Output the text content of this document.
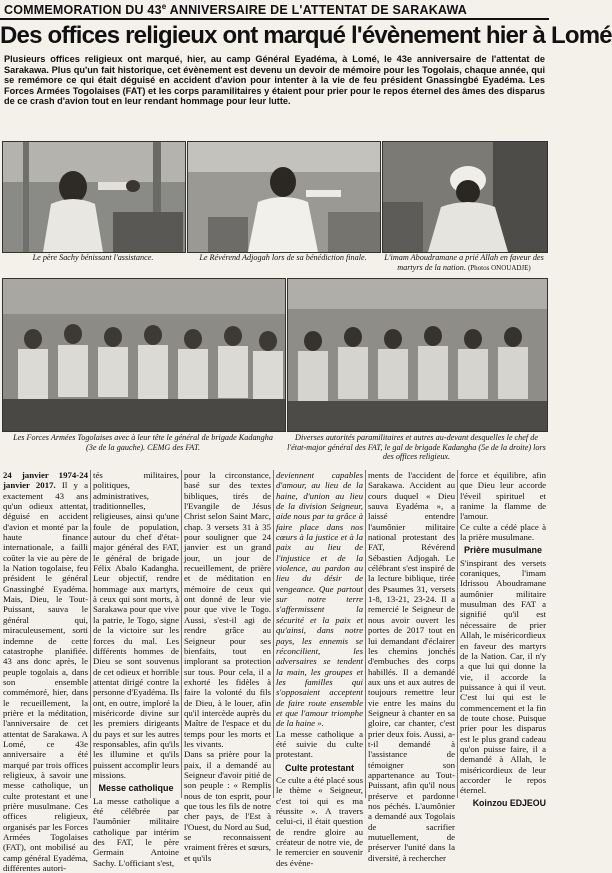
COMMEMORATION DU 43e ANNIVERSAIRE DE L'ATTENTAT DE SARAKAWA
Des offices religieux ont marqué l'évènement hier à Lomé
Plusieurs offices religieux ont marqué, hier, au camp Général Eyadéma, à Lomé, le 43e anniversaire de l'attentat de Sarakawa. Plus qu'un fait historique, cet évènement est devenu un devoir de mémoire pour les Togolais, chaque année, qui se remémore ce qui était déguisé en accident d'avion pour intenter à la vie de feu président Gnassingbé Eyadéma. Les Forces Armées Togolaises (FAT) et les corps paramilitaires y étaient pour prier pour le repos éternel des âmes des disparus de ce crash d'avion tout en leur rendant hommage pour leur lutte.
Le père Sachy bénissant l'assistance.	Le Révérend Adjogah lors de sa bénédiction finale.	L'imam Aboudramane a prié Allah en faveur des
martyrs de la nation. (Photos ONOUADJE)
Les Forces Armées Togolaises avec à leur tête le général de brigade Kadangha
(3e de la gauche). CEMG des FAT.
Diverses autorités paramilitaires et autres au-devant desquelles le chef de l'état-major général des FAT, le gal de brigade Kadangha (5e de la droite) lors des offices religieux.

24 janvier 1974-24 janvier 2017. Il y a exactement 43 ans qu'un odieux attentat, déguisé en accident d'avion et monté par la haute finance internationale, a failli coûter la vie au père de la Nation togolaise, feu président le général Gnassingbé Eyadéma. Mais, Dieu, le Tout-Puissant, sauva le général qui, miraculeusement, sorti indemne de cette catastrophe planifiée. 43 ans donc après, le peuple togolais a, dans son ensemble commémoré, hier, dans le recueillement, la prière et la méditation, l'anniversaire de cet attentat de Sarakawa. A Lomé, ce 43e anniversaire a été marqué par trois offices religieux, à savoir une messe catholique, un culte protestant et une prière musulmane. Ces offices religieux, organisés par les Forces Armées Togolaises (FAT), ont mobilisé au camp général Eyadéma, différentes autori-

tés militaires, politiques, administratives, traditionnelles, religieuses, ainsi qu'une foule de population, autour du chef d'état-major général des FAT, le général de brigade Félix Abalo Kadangha. Leur objectif, rendre hommage aux martyrs, à ceux qui sont morts, à Sarakawa pour que vive la patrie, le Togo, signe de la victoire sur les forces du mal. Les différents hommes de Dieu se sont souvenus de cet odieux et horrible attentat dirigé contre la personne d'Eyadéma. Ils ont, en outre, imploré la miséricorde divine sur les premiers dirigeants du pays et sur les autres responsables, afin qu'ils les illumine et qu'ils puissent accomplir leurs missions.

Messe catholique

La messe catholique a été célébrée par l'aumônier militaire catholique par intérim des FAT, le père Germain Antoine Sachy. L'officiant s'est,

pour la circonstance, basé sur des textes bibliques, tirés de l'Evangile de Jésus Christ selon Saint Marc, chap. 3 versets 31 à 35 pour souligner que 24 janvier est un grand jour, un jour de recueillement, de prière et de méditation en mémoire de ceux qui ont donné de leur vie pour que vive le Togo. Aussi, s'est-il agi de rendre grâce au Seigneur pour ses bienfaits, tout en implorant sa protection sur tous. Pour cela, il a exhorté les fidèles à faire la volonté du fils de Dieu, à le louer, afin qu'il intercède auprès du Maître de l'espace et du temps pour les morts et les vivants.

Dans sa prière pour la paix, il a demandé au Seigneur d'avoir pitié de son peuple : « Remplis nous de ton esprit, pour que tous les fils de notre cher pays, de l'Est à l'Ouest, du Nord au Sud, se reconnaissent vraiment frères et sœurs, et qu'ils

deviennent capables d'amour, au lieu de la haine, d'union au lieu de la division Seigneur, aide nous par ta grâce à faire place dans nos cœurs à la justice et à la paix au lieu de l'injustice et de la violence, au pardon au lieu du désir de vengeance. Que partout sur notre terre s'affermissent la sécurité et la paix et qu'ainsi, dans notre pays, les ennemis se réconcilient, les adversaires se tendent la main, les groupes et les familles qui s'opposaient acceptent de faire route ensemble et que l'amour triomphe de la haine ».

La messe catholique a été suivie du culte protestant.

Culte protestant

Ce culte a été placé sous le thème « Seigneur, c'est toi qui es ma réussite ». A travers celui-ci, il était question de rendre gloire au créateur de notre vie, de le remercier en souvenir des évène-

ments de l'accident de Sarakawa. Accident au cours duquel « Dieu sauva Eyadéma », a laissé entendre l'aumônier militaire national protestant des FAT, Révérend Sébastien Adjogah. Le célébrant s'est inspiré de la lecture biblique, tirée des Psaumes 31, versets 1-8, 13-21, 23-24. Il a remercié le Seigneur de nous avoir ouvert les portes de 2017 tout en lui demandant d'éclairer les chemins jonchés d'embuches des corps habillés. Il a demandé aux uns et aux autres de toujours remettre leur vie entre les mains du Seigneur à chanter en sa gloire, car chanter, c'est prier deux fois. Aussi, a-t-il demandé à l'assistance de témoigner son appartenance au Tout-Puissant, afin qu'il nous préserve et pardonne nos péchés. L'aumônier a demandé aux Togolais de sacrifier mutuellement, de préserver l'unité dans la diversité, à rechercher

force et équilibre, afin que Dieu leur accorde l'éveil spirituel et ranime la flamme de l'amour.

Ce culte a cédé place à la prière musulmane.

Prière musulmane

S'inspirant des versets coraniques, l'imam Idrissou Aboudramane aumônier militaire musulman des FAT a signifié qu'il est nécessaire de prier Allah, le miséricordieux en faveur des martyrs de la Nation. Car, il n'y a que lui qui donne la vie, il accorde la puissance à qui il veut. C'est lui qui est le commencement et la fin de toute chose. Puisque prier pour les disparus est le plus grand cadeau qu'on puisse faire, il a demandé à Allah, le miséricordieux de leur accorder le repos éternel.

Koinzou EDJEOU
